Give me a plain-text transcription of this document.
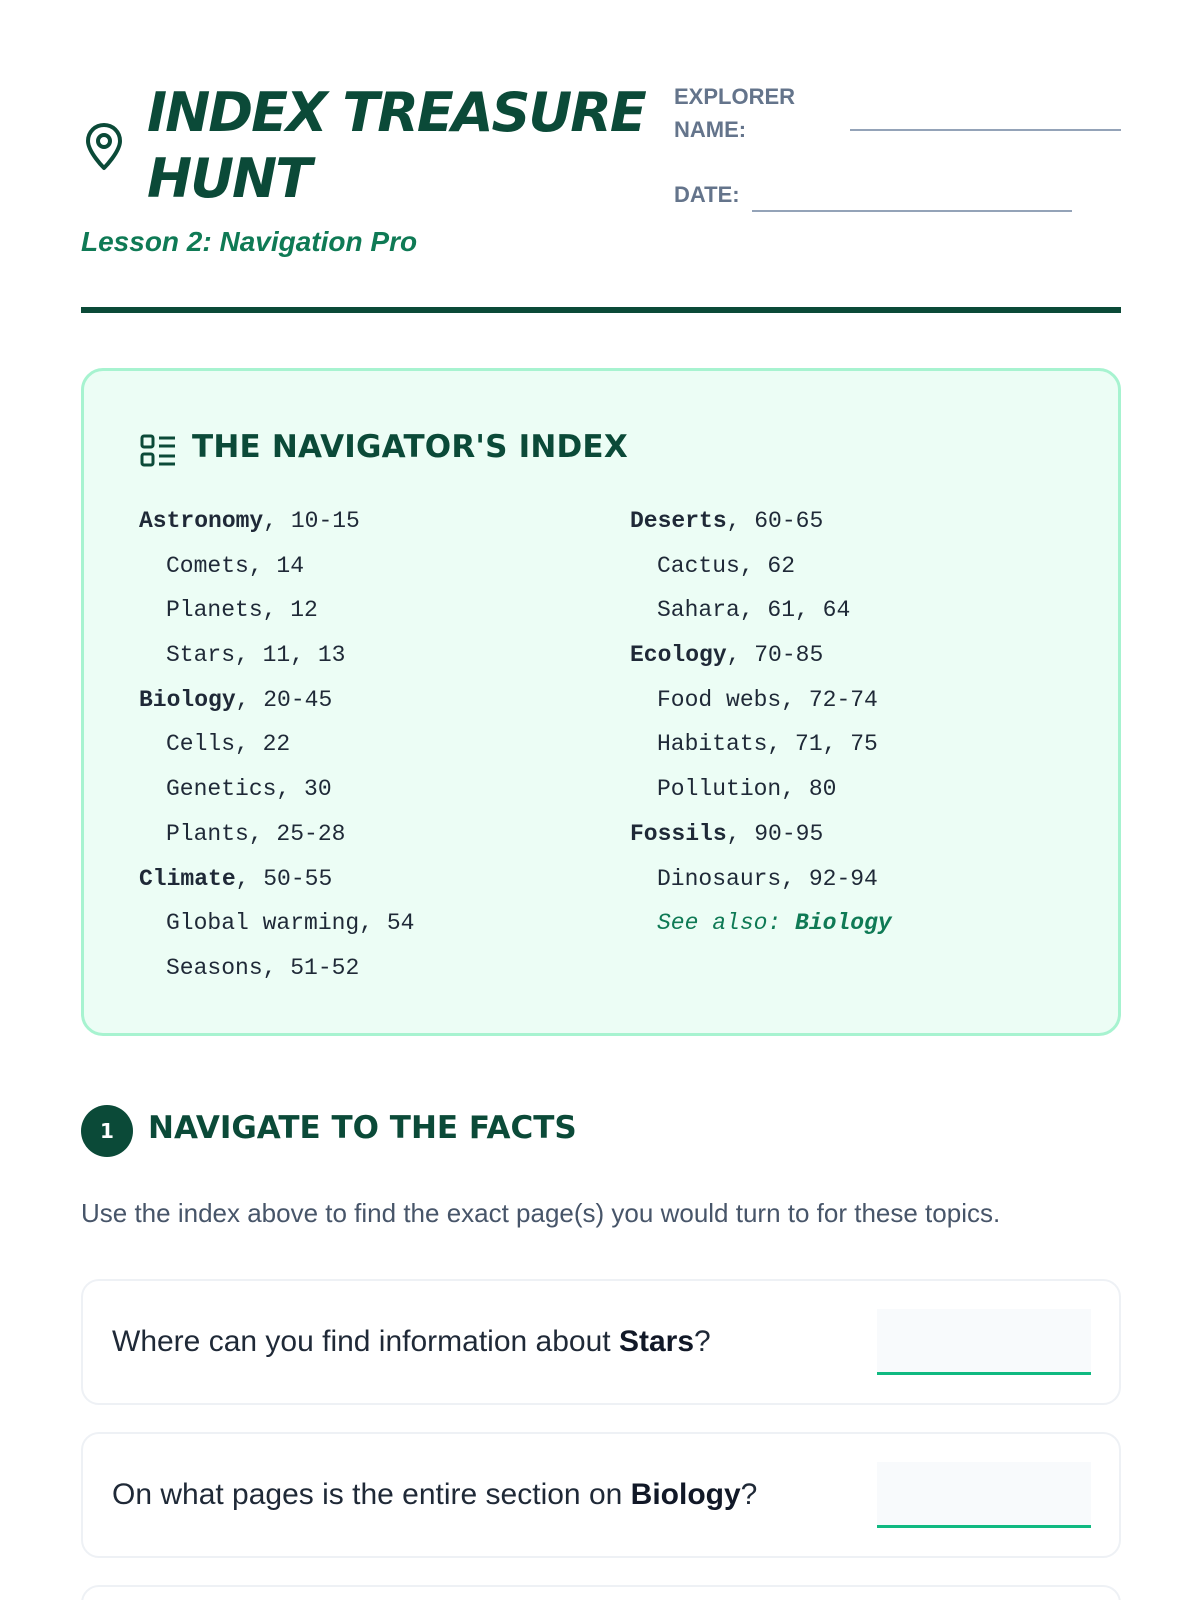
INDEX TREASURE HUNT
Lesson 2: Navigation Pro
EXPLORER NAME:
DATE:
THE NAVIGATOR'S INDEX
Astronomy, 10-15
Comets, 14
Planets, 12
Stars, 11, 13
Biology, 20-45
Cells, 22
Genetics, 30
Plants, 25-28
Climate, 50-55
Global warming, 54
Seasons, 51-52
Deserts, 60-65
Cactus, 62
Sahara, 61, 64
Ecology, 70-85
Food webs, 72-74
Habitats, 71, 75
Pollution, 80
Fossils, 90-95
Dinosaurs, 92-94
See also: Biology
1	NAVIGATE TO THE FACTS
Use the index above to find the exact page(s) you would turn to for these topics.
Where can you find information about Stars?
On what pages is the entire section on Biology?
